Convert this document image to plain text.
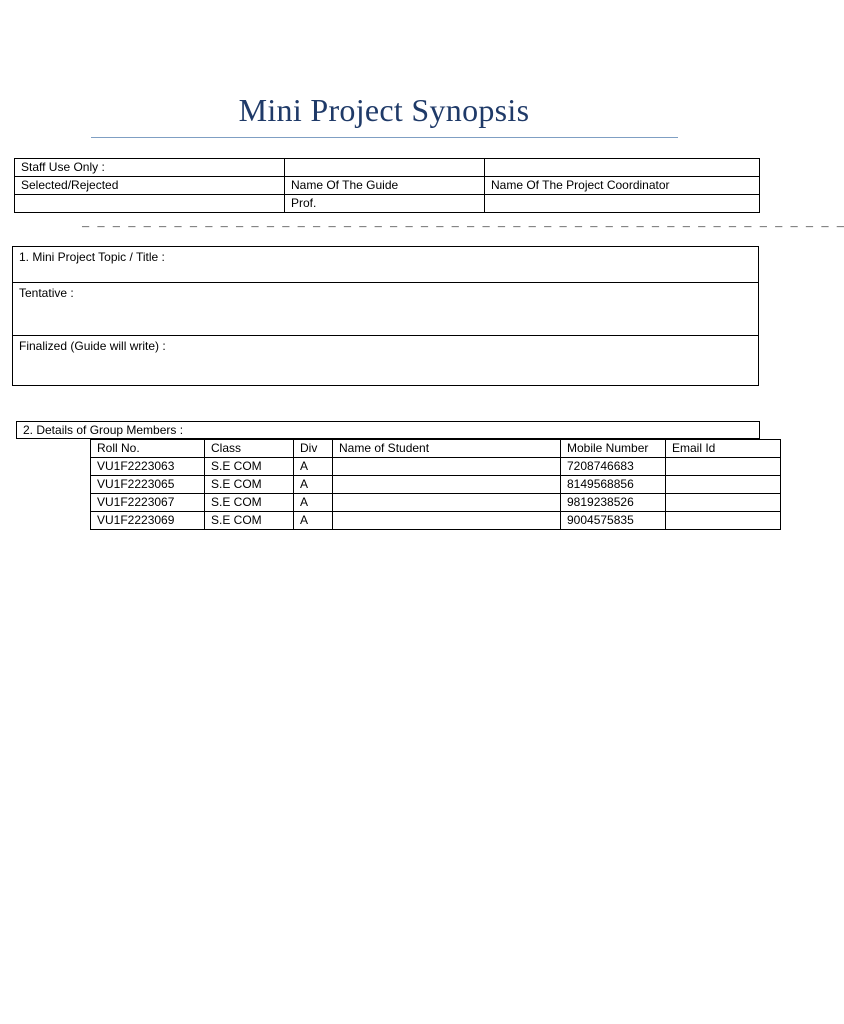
Mini Project Synopsis
Staff Use Only :		
Selected/Rejected	Name Of The Guide	Name Of The Project Coordinator
	Prof.	
_ _ _ _ _ _ _ _ _ _ _ _ _ _ _ _ _ _ _ _ _ _ _ _ _ _ _ _ _ _ _ _ _ _ _ _ _ _ _ _ _ _ _ _ _ _ _ _ _ _
1. Mini Project Topic / Title :
Tentative :
Finalized (Guide will write) :
2. Details of Group Members :
Roll No.	Class	Div	Name of Student	Mobile Number	Email Id
VU1F2223063	S.E COM	A		7208746683	
VU1F2223065	S.E COM	A		8149568856	
VU1F2223067	S.E COM	A		9819238526	
VU1F2223069	S.E COM	A		9004575835	
